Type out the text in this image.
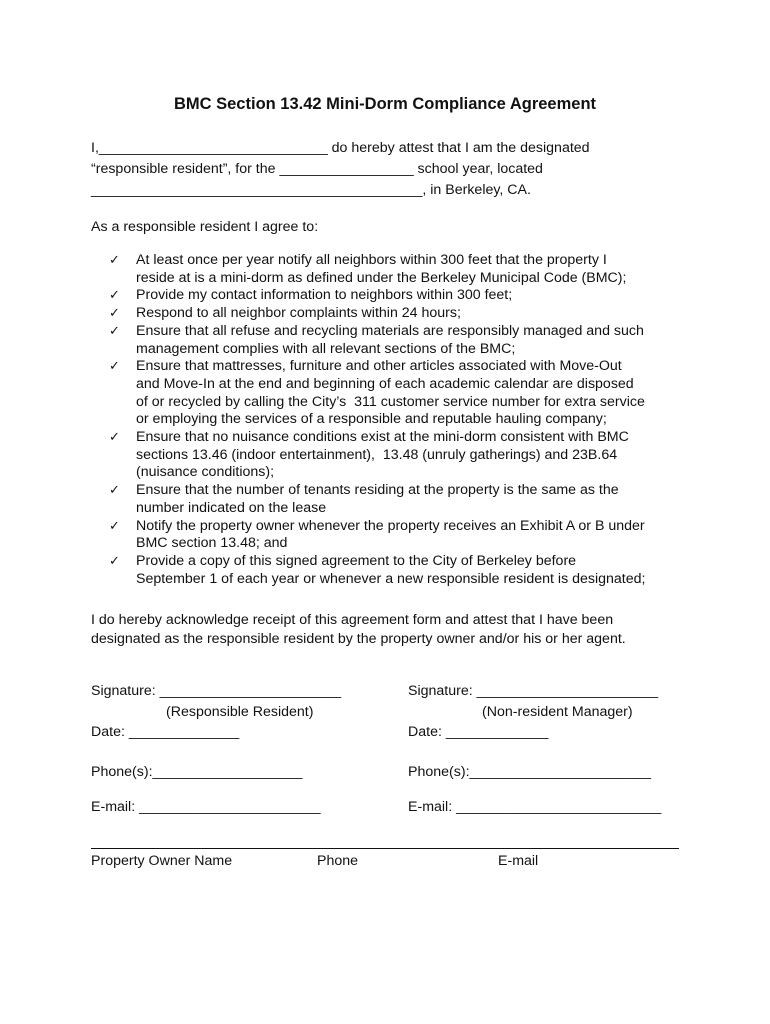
BMC Section 13.42 Mini-Dorm Compliance Agreement
I,_____________________________ do hereby attest that I am the designated
“responsible resident”, for the _________________ school year, located
__________________________________________, in Berkeley, CA.
As a responsible resident I agree to:
✓ At least once per year notify all neighbors within 300 feet that the property I
reside at is a mini-dorm as defined under the Berkeley Municipal Code (BMC);
✓ Provide my contact information to neighbors within 300 feet;
✓ Respond to all neighbor complaints within 24 hours;
✓ Ensure that all refuse and recycling materials are responsibly managed and such
management complies with all relevant sections of the BMC;
✓ Ensure that mattresses, furniture and other articles associated with Move-Out
and Move-In at the end and beginning of each academic calendar are disposed
of or recycled by calling the City’s  311 customer service number for extra service
or employing the services of a responsible and reputable hauling company;
✓ Ensure that no nuisance conditions exist at the mini-dorm consistent with BMC
sections 13.46 (indoor entertainment),  13.48 (unruly gatherings) and 23B.64
(nuisance conditions);
✓ Ensure that the number of tenants residing at the property is the same as the
number indicated on the lease
✓ Notify the property owner whenever the property receives an Exhibit A or B under
BMC section 13.48; and
✓ Provide a copy of this signed agreement to the City of Berkeley before
September 1 of each year or whenever a new responsible resident is designated;
I do hereby acknowledge receipt of this agreement form and attest that I have been
designated as the responsible resident by the property owner and/or his or her agent.
Signature: _______________________
(Responsible Resident)
Date: ______________
Phone(s):___________________
E-mail: _______________________
Signature: _______________________
(Non-resident Manager)
Date: _____________
Phone(s):_______________________
E-mail: __________________________
Property Owner Name	Phone	E-mail
